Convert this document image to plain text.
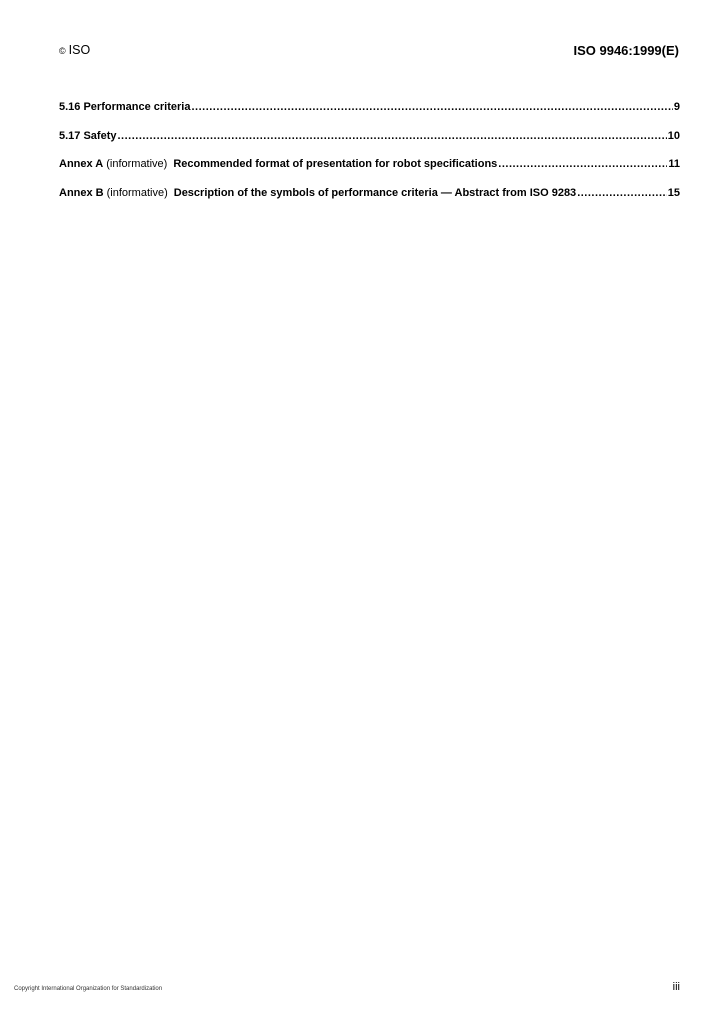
© ISO	ISO 9946:1999(E)
5.16 Performance criteria .....	9
5.17 Safety .....	10
Annex A (informative) Recommended format of presentation for robot specifications .....	11
Annex B (informative) Description of the symbols of performance criteria — Abstract from ISO 9283 .....	15
Copyright International Organization for Standardization	iii
